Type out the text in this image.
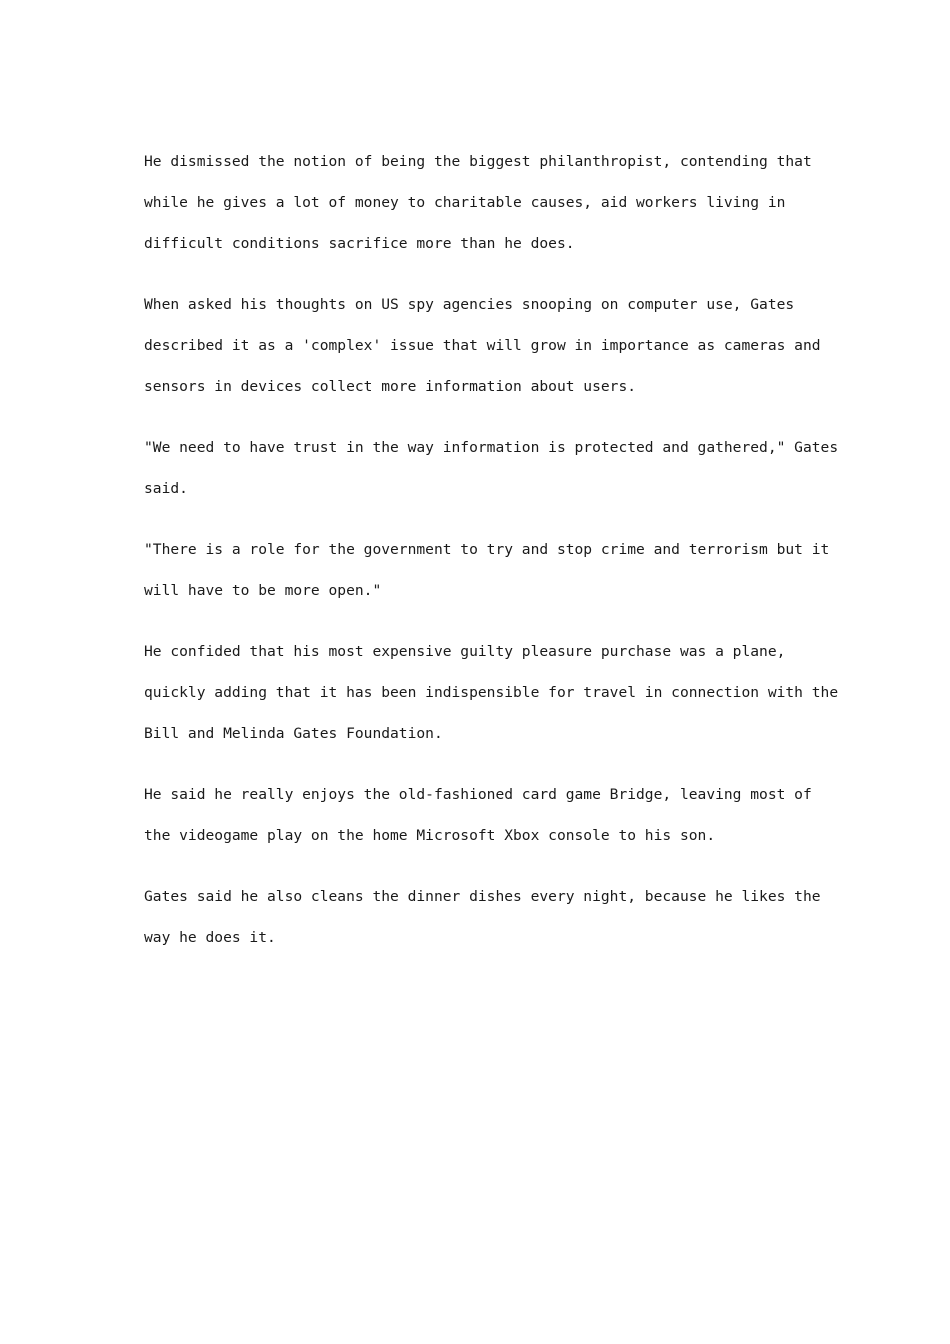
He dismissed the notion of being the biggest philanthropist, contending that
while he gives a lot of money to charitable causes, aid workers living in
difficult conditions sacrifice more than he does.

When asked his thoughts on US spy agencies snooping on computer use, Gates
described it as a 'complex' issue that will grow in importance as cameras and
sensors in devices collect more information about users.

"We need to have trust in the way information is protected and gathered," Gates
said.

"There is a role for the government to try and stop crime and terrorism but it
will have to be more open."

He confided that his most expensive guilty pleasure purchase was a plane,
quickly adding that it has been indispensible for travel in connection with the
Bill and Melinda Gates Foundation.

He said he really enjoys the old-fashioned card game Bridge, leaving most of
the videogame play on the home Microsoft Xbox console to his son.

Gates said he also cleans the dinner dishes every night, because he likes the
way he does it.
